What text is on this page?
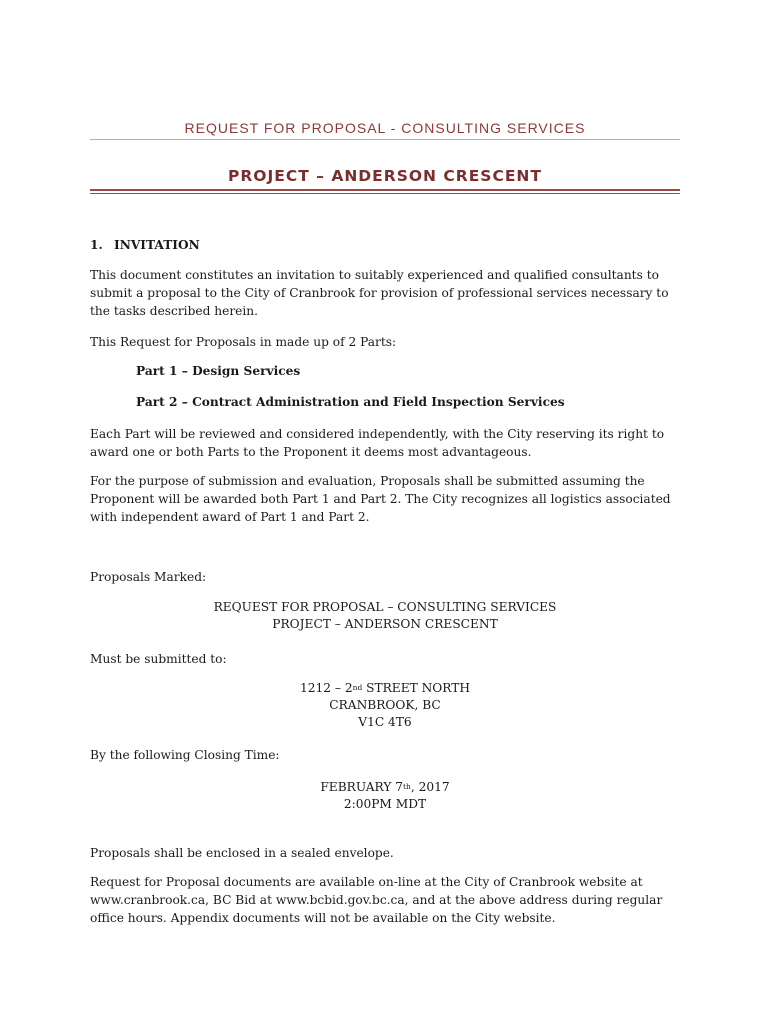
REQUEST FOR PROPOSAL - CONSULTING SERVICES
PROJECT – ANDERSON CRESCENT
1. INVITATION
This document constitutes an invitation to suitably experienced and qualified consultants to submit a proposal to the City of Cranbrook for provision of professional services necessary to the tasks described herein.
This Request for Proposals in made up of 2 Parts:
Part 1 – Design Services
Part 2 – Contract Administration and Field Inspection Services
Each Part will be reviewed and considered independently, with the City reserving its right to award one or both Parts to the Proponent it deems most advantageous.
For the purpose of submission and evaluation, Proposals shall be submitted assuming the Proponent will be awarded both Part 1 and Part 2. The City recognizes all logistics associated with independent award of Part 1 and Part 2.
Proposals Marked:
REQUEST FOR PROPOSAL – CONSULTING SERVICES
PROJECT – ANDERSON CRESCENT
Must be submitted to:
1212 – 2nd STREET NORTH
CRANBROOK, BC
V1C 4T6
By the following Closing Time:
FEBRUARY 7th, 2017
2:00PM MDT
Proposals shall be enclosed in a sealed envelope.
Request for Proposal documents are available on-line at the City of Cranbrook website at www.cranbrook.ca, BC Bid at www.bcbid.gov.bc.ca, and at the above address during regular office hours. Appendix documents will not be available on the City website.
